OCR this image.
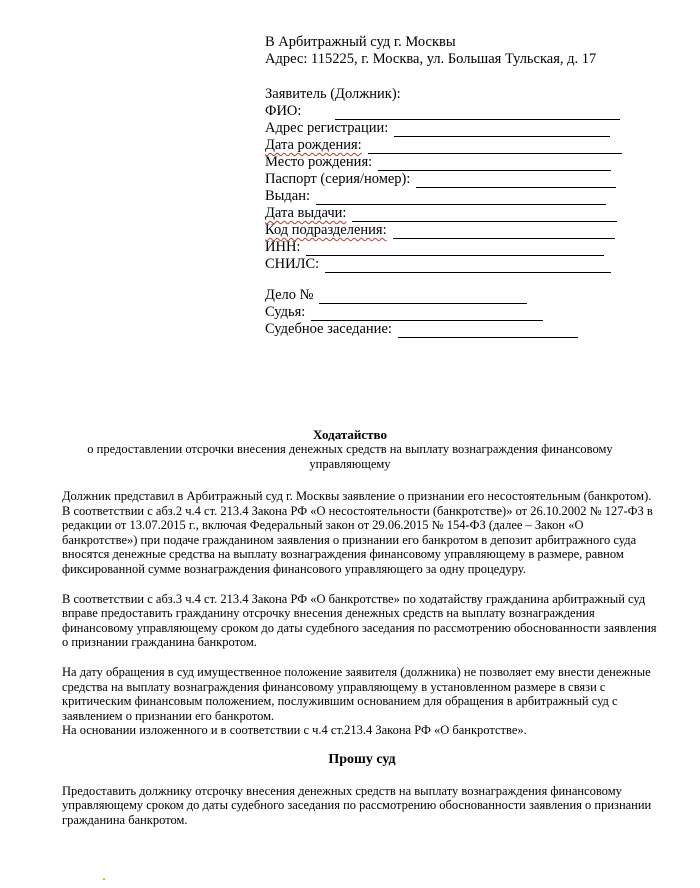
В Арбитражный суд г. Москвы
Адрес: 115225, г. Москва, ул. Большая Тульская, д. 17
Заявитель (Должник):
ФИО:
Адрес регистрации:
Дата рождения:
Место рождения:
Паспорт (серия/номер):
Выдан:
Дата выдачи:
Код подразделения:
ИНН:
СНИЛС:
Дело №
Судья:
Судебное заседание:
Ходатайство
о предоставлении отсрочки внесения денежных средств на выплату вознаграждения финансовому управляющему

Должник представил в Арбитражный суд г. Москвы заявление о признании его несостоятельным (банкротом). В соответствии с абз.2 ч.4 ст. 213.4 Закона РФ «О несостоятельности (банкротстве)» от 26.10.2002 № 127-ФЗ в редакции от 13.07.2015 г., включая Федеральный закон от 29.06.2015 № 154-ФЗ (далее – Закон «О банкротстве») при подаче гражданином заявления о признании его банкротом в депозит арбитражного суда вносятся денежные средства на выплату вознаграждения финансовому управляющему в размере, равном фиксированной сумме вознаграждения финансового управляющего за одну процедуру.

В соответствии с абз.3 ч.4 ст. 213.4 Закона РФ «О банкротстве» по ходатайству гражданина арбитражный суд вправе предоставить гражданину отсрочку внесения денежных средств на выплату вознаграждения финансовому управляющему сроком до даты судебного заседания по рассмотрению обоснованности заявления о признании гражданина банкротом.

На дату обращения в суд имущественное положение заявителя (должника) не позволяет ему внести денежные средства на выплату вознаграждения финансовому управляющему в установленном размере в связи с критическим финансовым положением, послужившим основанием для обращения в арбитражный суд с заявлением о признании его банкротом.

На основании изложенного и в соответствии с ч.4 ст.213.4 Закона РФ «О банкротстве».

Прошу суд

Предоставить должнику отсрочку внесения денежных средств на выплату вознаграждения финансовому управляющему сроком до даты судебного заседания по рассмотрению обоснованности заявления о признании гражданина банкротом.
